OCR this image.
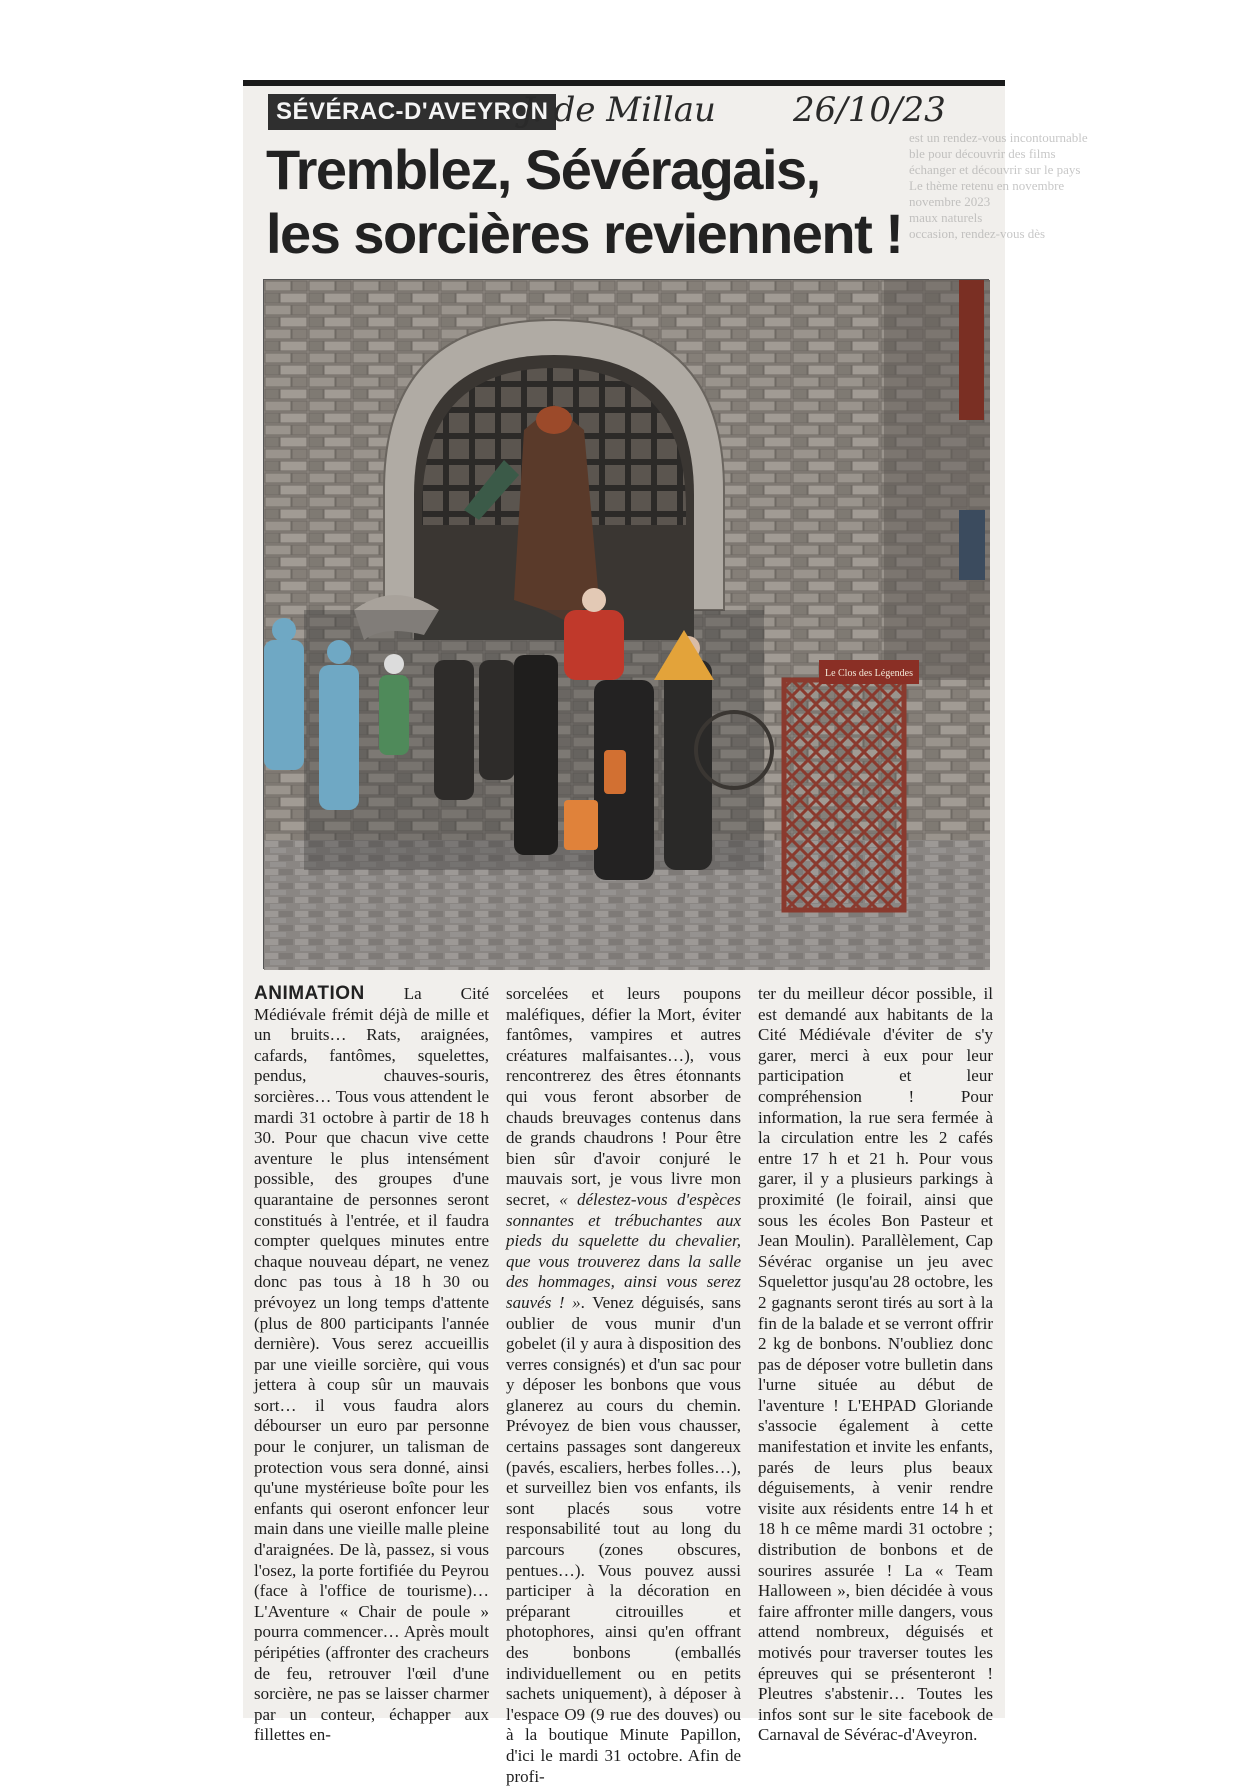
SÉVÉRAC-D'AVEYRON
J. de Millau 26/10/23
Tremblez, Sévéragais,
les sorcières reviennent !
est un rendez-vous incontournable
ble pour découvrir des films
échanger et découvrir sur le pays
Le thème retenu en novembre
novembre 2023
maux naturels
occasion, rendez-vous dès
Le Clos des Légendes
ANIMATION La Cité Médiévale frémit déjà de mille et un bruits… Rats, araignées, cafards, fantômes, squelettes, pendus, chauves-souris, sorcières… Tous vous attendent le mardi 31 octobre à partir de 18 h 30. Pour que chacun vive cette aventure le plus intensément possible, des groupes d'une quarantaine de personnes seront constitués à l'entrée, et il faudra compter quelques minutes entre chaque nouveau départ, ne venez donc pas tous à 18 h 30 ou prévoyez un long temps d'attente (plus de 800 participants l'année dernière). Vous serez accueillis par une vieille sorcière, qui vous jettera à coup sûr un mauvais sort… il vous faudra alors débourser un euro par personne pour le conjurer, un talisman de protection vous sera donné, ainsi qu'une mystérieuse boîte pour les enfants qui oseront enfoncer leur main dans une vieille malle pleine d'araignées. De là, passez, si vous l'osez, la porte fortifiée du Peyrou (face à l'office de tourisme)… L'Aventure « Chair de poule » pourra commencer… Après moult péripéties (affronter des cracheurs de feu, retrouver l'œil d'une sorcière, ne pas se laisser charmer par un conteur, échapper aux fillettes en-
sorcelées et leurs poupons maléfiques, défier la Mort, éviter fantômes, vampires et autres créatures malfaisantes…), vous rencontrerez des êtres étonnants qui vous feront absorber de chauds breuvages contenus dans de grands chaudrons ! Pour être bien sûr d'avoir conjuré le mauvais sort, je vous livre mon secret, « délestez-vous d'espèces sonnantes et trébuchantes aux pieds du squelette du chevalier, que vous trouverez dans la salle des hommages, ainsi vous serez sauvés ! ». Venez déguisés, sans oublier de vous munir d'un gobelet (il y aura à disposition des verres consignés) et d'un sac pour y déposer les bonbons que vous glanerez au cours du chemin. Prévoyez de bien vous chausser, certains passages sont dangereux (pavés, escaliers, herbes folles…), et surveillez bien vos enfants, ils sont placés sous votre responsabilité tout au long du parcours (zones obscures, pentues…). Vous pouvez aussi participer à la décoration en préparant citrouilles et photophores, ainsi qu'en offrant des bonbons (emballés individuellement ou en petits sachets uniquement), à déposer à l'espace O9 (9 rue des douves) ou à la boutique Minute Papillon, d'ici le mardi 31 octobre. Afin de profi-
ter du meilleur décor possible, il est demandé aux habitants de la Cité Médiévale d'éviter de s'y garer, merci à eux pour leur participation et leur compréhension ! Pour information, la rue sera fermée à la circulation entre les 2 cafés entre 17 h et 21 h. Pour vous garer, il y a plusieurs parkings à proximité (le foirail, ainsi que sous les écoles Bon Pasteur et Jean Moulin). Parallèlement, Cap Sévérac organise un jeu avec Squelettor jusqu'au 28 octobre, les 2 gagnants seront tirés au sort à la fin de la balade et se verront offrir 2 kg de bonbons. N'oubliez donc pas de déposer votre bulletin dans l'urne située au début de l'aventure ! L'EHPAD Gloriande s'associe également à cette manifestation et invite les enfants, parés de leurs plus beaux déguisements, à venir rendre visite aux résidents entre 14 h et 18 h ce même mardi 31 octobre ; distribution de bonbons et de sourires assurée ! La « Team Halloween », bien décidée à vous faire affronter mille dangers, vous attend nombreux, déguisés et motivés pour traverser toutes les épreuves qui se présenteront ! Pleutres s'abstenir… Toutes les infos sont sur le site facebook de Carnaval de Sévérac-d'Aveyron.
